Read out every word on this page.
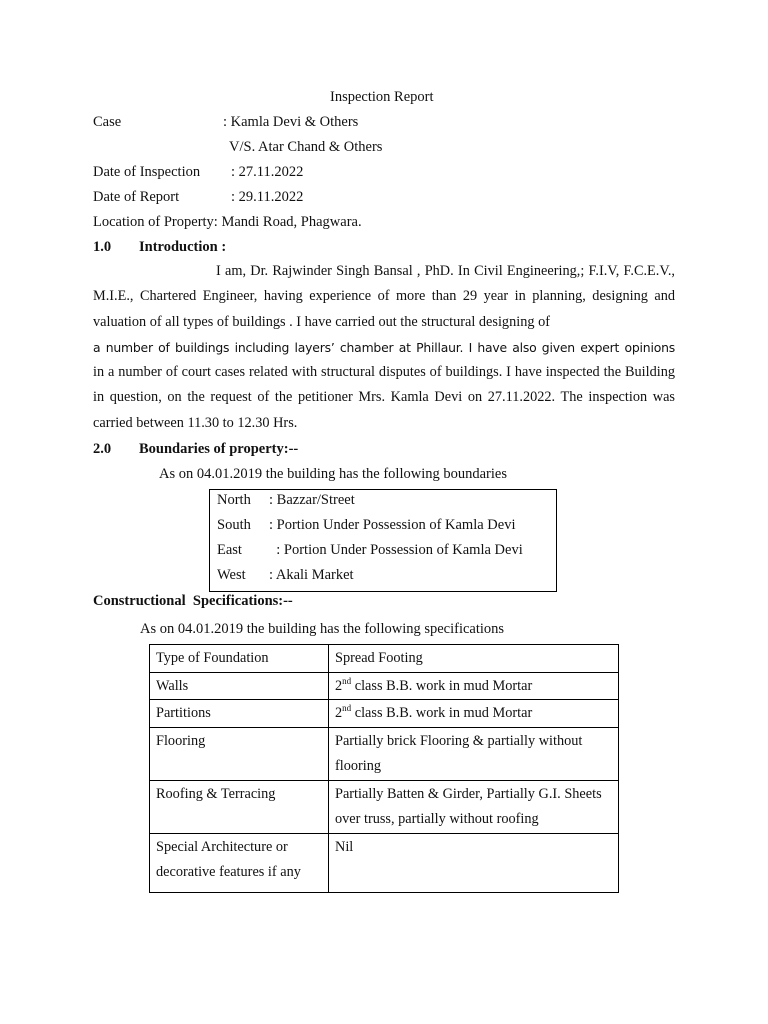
Inspection Report
Case	: Kamla Devi & Others
V/S. Atar Chand & Others
Date of Inspection : 27.11.2022
Date of Report	: 29.11.2022
Location of Property: Mandi Road, Phagwara.
1.0 Introduction :
I am, Dr. Rajwinder Singh Bansal , PhD. In Civil Engineering,; F.I.V, F.C.E.V., M.I.E., Chartered Engineer, having experience of more than 29 year in planning, designing and valuation of all types of buildings . I have carried out the structural designing of
a number of buildings including layers’ chamber at Phillaur. I have also given expert opinions
in a number of court cases related with structural disputes of buildings. I have inspected the Building in question, on the request of the petitioner Mrs. Kamla Devi on 27.11.2022. The inspection was carried between 11.30 to 12.30 Hrs.
2.0 Boundaries of property:--
As on 04.01.2019 the building has the following boundaries
North : Bazzar/Street
South : Portion Under Possession of Kamla Devi
East  : Portion Under Possession of Kamla Devi
West : Akali Market
Constructional  Specifications:--
As on 04.01.2019 the building has the following specifications
Type of Foundation	Spread Footing
Walls	2nd class B.B. work in mud Mortar
Partitions	2nd class B.B. work in mud Mortar
Flooring	Partially brick Flooring & partially without flooring
Roofing & Terracing	Partially Batten & Girder, Partially G.I. Sheets over truss, partially without roofing
Special Architecture or decorative features if any	Nil
